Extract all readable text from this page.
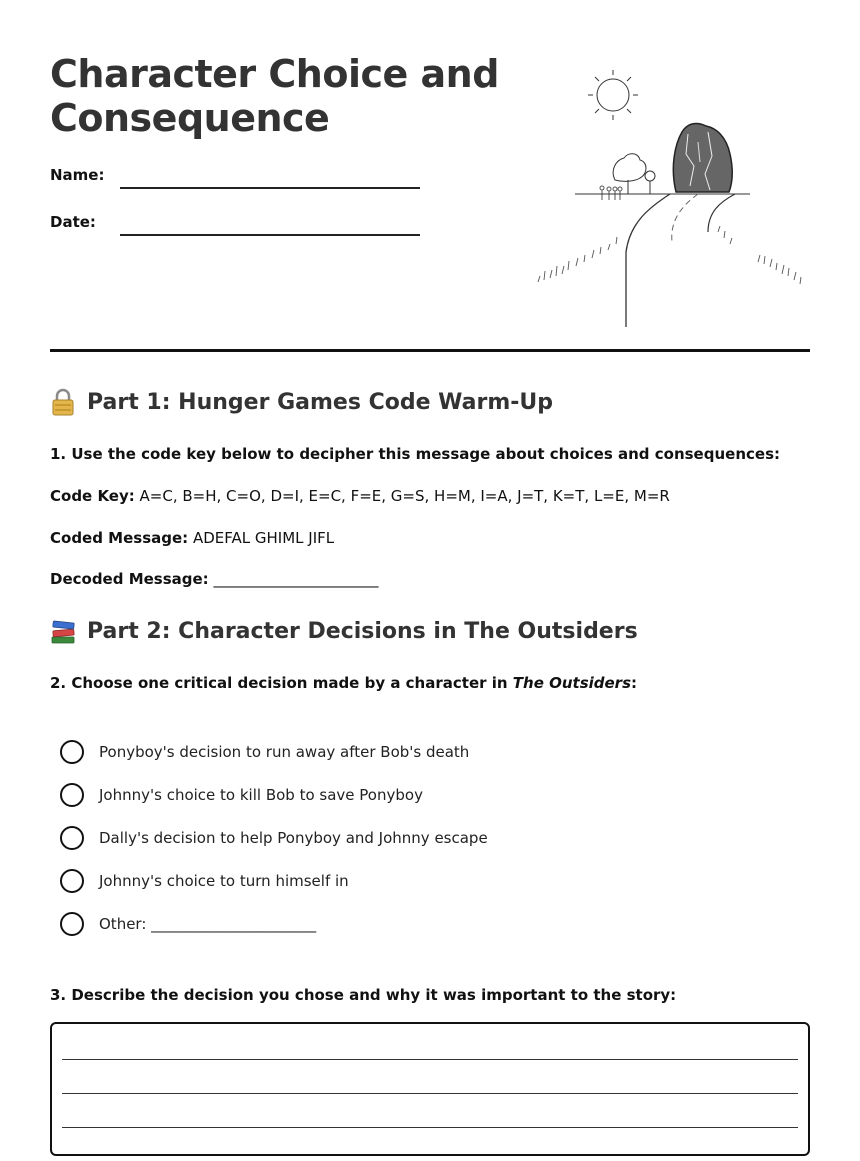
Character Choice and Consequence
Name:
Date:
Part 1: Hunger Games Code Warm-Up
1. Use the code key below to decipher this message about choices and consequences:
Code Key: A=C, B=H, C=O, D=I, E=C, F=E, G=S, H=M, I=A, J=T, K=T, L=E, M=R
Coded Message: ADEFAL GHIML JIFL
Decoded Message: ______________________
Part 2: Character Decisions in The Outsiders
2. Choose one critical decision made by a character in The Outsiders:
Ponyboy's decision to run away after Bob's death
Johnny's choice to kill Bob to save Ponyboy
Dally's decision to help Ponyboy and Johnny escape
Johnny's choice to turn himself in
Other: ______________________
3. Describe the decision you chose and why it was important to the story:
